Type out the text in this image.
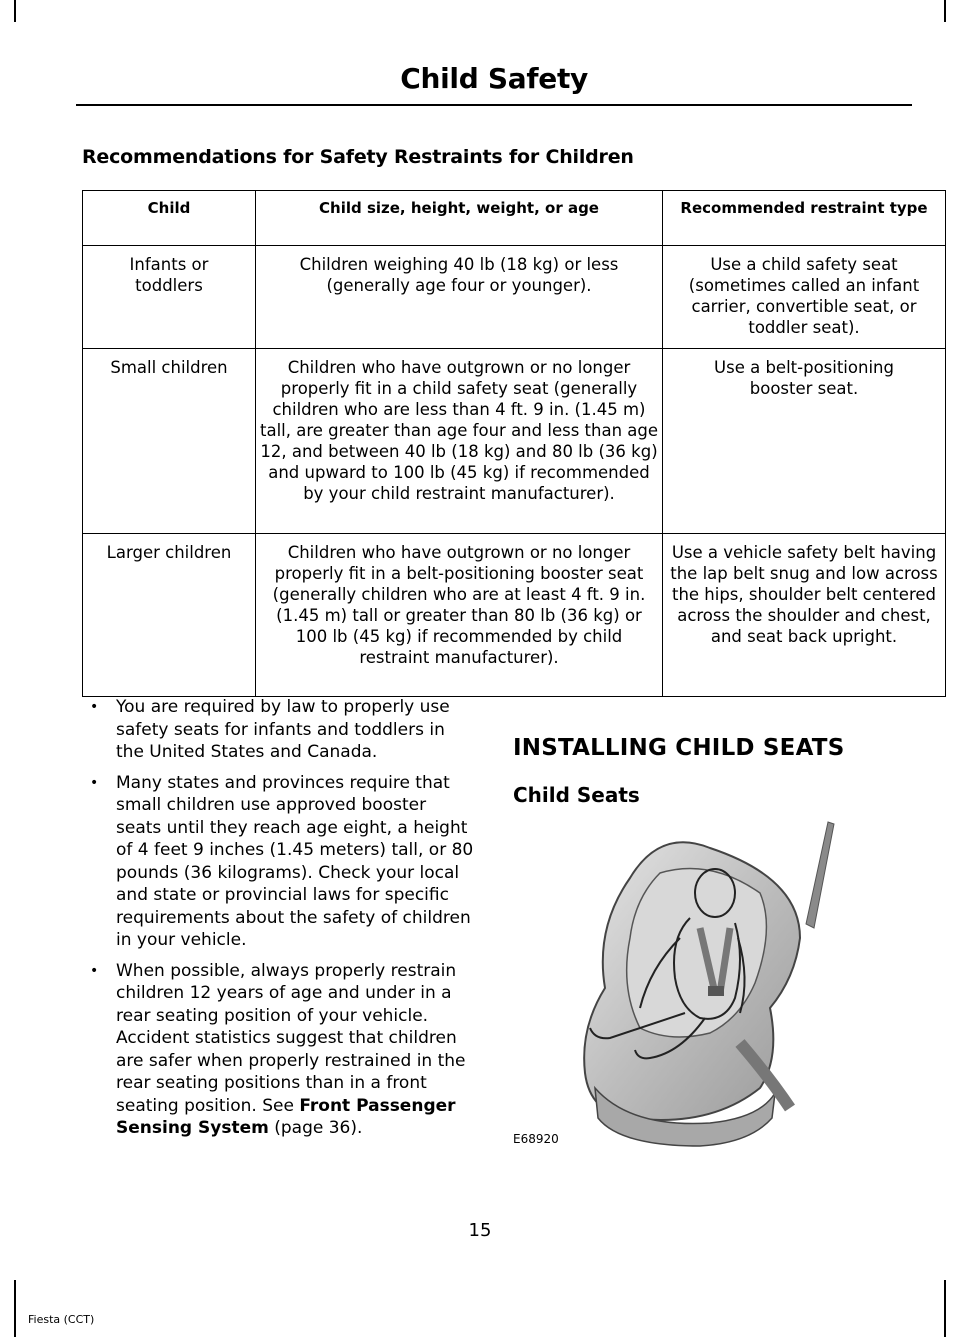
Child Safety
Recommendations for Safety Restraints for Children
Child	Child size, height, weight, or age	Recommended restraint type
Infants or toddlers	Children weighing 40 lb (18 kg) or less (generally age four or younger).	Use a child safety seat (sometimes called an infant carrier, convertible seat, or toddler seat).
Small children	Children who have outgrown or no longer properly fit in a child safety seat (generally children who are less than 4 ft. 9 in. (1.45 m) tall, are greater than age four and less than age 12, and between 40 lb (18 kg) and 80 lb (36 kg) and upward to 100 lb (45 kg) if recommended by your child restraint manufacturer).	Use a belt-positioning booster seat.
Larger children	Children who have outgrown or no longer properly fit in a belt-positioning booster seat (generally children who are at least 4 ft. 9 in. (1.45 m) tall or greater than 80 lb (36 kg) or 100 lb (45 kg) if recommended by child restraint manufacturer).	Use a vehicle safety belt having the lap belt snug and low across the hips, shoulder belt centered across the shoulder and chest, and seat back upright.
• You are required by law to properly use safety seats for infants and toddlers in the United States and Canada.
• Many states and provinces require that small children use approved booster seats until they reach age eight, a height of 4 feet 9 inches (1.45 meters) tall, or 80 pounds (36 kilograms). Check your local and state or provincial laws for specific requirements about the safety of children in your vehicle.
• When possible, always properly restrain children 12 years of age and under in a rear seating position of your vehicle. Accident statistics suggest that children are safer when properly restrained in the rear seating positions than in a front seating position. See Front Passenger Sensing System (page 36).
INSTALLING CHILD SEATS
Child Seats
E68920
15
Fiesta (CCT)
